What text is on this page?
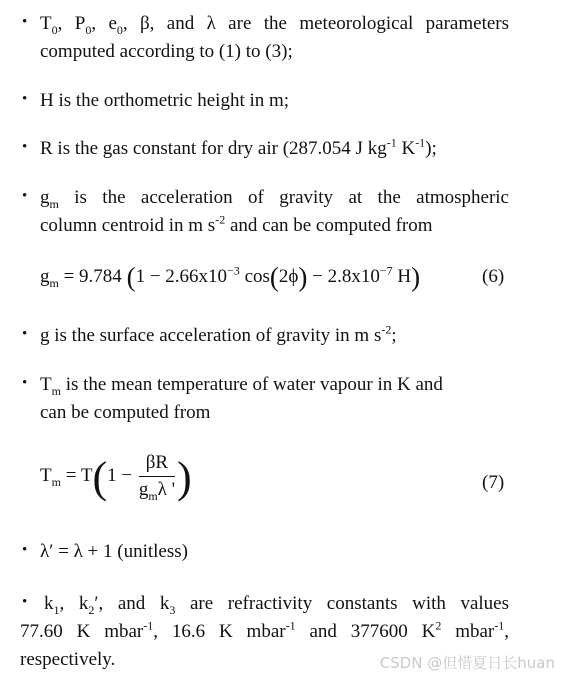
• $T_0$, $P_0$, $e_0$, β, and λ are the meteorological parameters
computed according to (1) to (3);
• H is the orthometric height in m;
• R is the gas constant for dry air (287.054 J $kg^{-1}$ $K^{-1}$);
• $g_m$ is the acceleration of gravity at the atmospheric
column centroid in m $s^{-2}$ and can be computed from
$g_m = 9.784$ ($1 - 2.66x10^{-3}$ $\cos(2\phi) - 2.8x10^{-7}$ H)	(6)
• g is the surface acceleration of gravity in m $s^{-2}$;
• $T_m$ is the mean temperature of water vapour in K and
can be computed from
$T_m = T(1 - \frac{\beta R}{g_m\lambda '}$ )	(7)
• λ′ = λ + 1 (unitless)
• $k_1$, $k_2'$, and $k_3$ are refractivity constants with values
77.60 K mbar$^{-1}$, 16.6 K mbar$^{-1}$ and 377600 $K^2$ mbar$^{-1}$,
respectively.	CSDN @但惜夏日长huan
